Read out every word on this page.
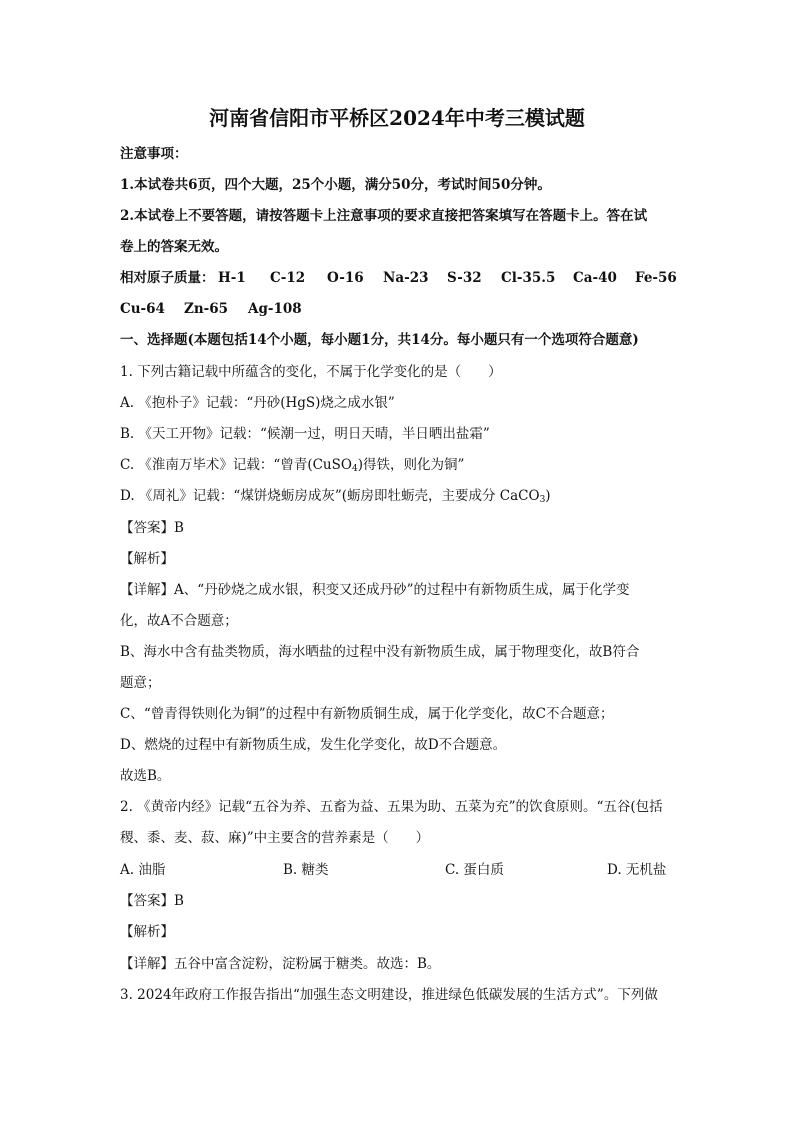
河南省信阳市平桥区2024年中考三模试题
注意事项：
1.本试卷共6页，四个大题，25个小题，满分50分，考试时间50分钟。
2.本试卷上不要答题，请按答题卡上注意事项的要求直接把答案填写在答题卡上。答在试
卷上的答案无效。
相对原子质量： H-1 C-12 O-16 Na-23 S-32 Cl-35.5 Ca-40 Fe-56
Cu-64 Zn-65 Ag-108
一、选择题(本题包括14个小题，每小题1分，共14分。每小题只有一个选项符合题意)
1. 下列古籍记载中所蕴含的变化，不属于化学变化的是（　　）
A. 《抱朴子》记载：“丹砂(HgS)烧之成水银”
B. 《天工开物》记载：“候潮一过，明日天晴，半日晒出盐霜”
C. 《淮南万毕术》记载：“曾青(CuSO$_4$)得铁，则化为铜”
D. 《周礼》记载：“煤饼烧蛎房成灰”(蛎房即牡蛎壳，主要成分 CaCO$_3$)
【答案】B
【解析】
【详解】A、“丹砂烧之成水银，积变又还成丹砂”的过程中有新物质生成，属于化学变
化，故A不合题意；
B、海水中含有盐类物质，海水晒盐的过程中没有新物质生成，属于物理变化，故B符合
题意；
C、“曾青得铁则化为铜”的过程中有新物质铜生成，属于化学变化，故C不合题意；
D、燃烧的过程中有新物质生成，发生化学变化，故D不合题意。
故选B。
2. 《黄帝内经》记载“五谷为养、五畜为益、五果为助、五菜为充”的饮食原则。“五谷(包括
稷、黍、麦、菽、麻)”中主要含的营养素是（　　）
A. 油脂	B. 糖类	C. 蛋白质	D. 无机盐
【答案】B
【解析】
【详解】五谷中富含淀粉，淀粉属于糖类。故选：B。
3. 2024年政府工作报告指出“加强生态文明建设，推进绿色低碳发展的生活方式”。下列做
